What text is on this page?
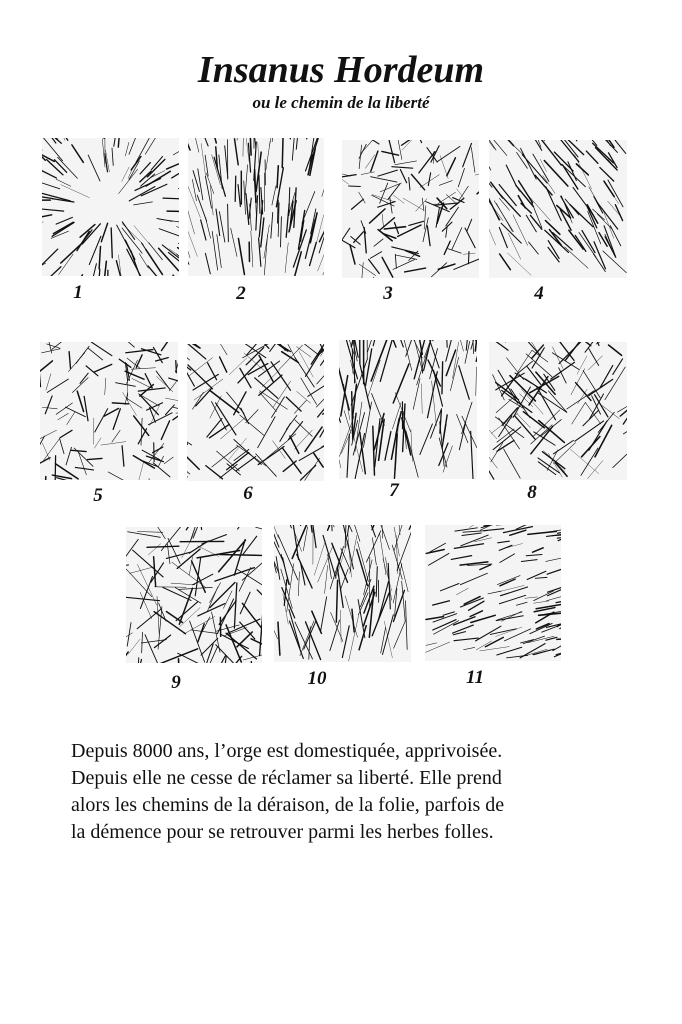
Insanus Hordeum
ou le chemin de la liberté
1	2	3	4
5	6	7	8
9	10	11

Depuis 8000 ans, l’orge est domestiquée, apprivoisée.

Depuis elle ne cesse de réclamer sa liberté. Elle prend

alors les chemins de la déraison, de la folie, parfois de

la démence pour se retrouver parmi les herbes folles.
